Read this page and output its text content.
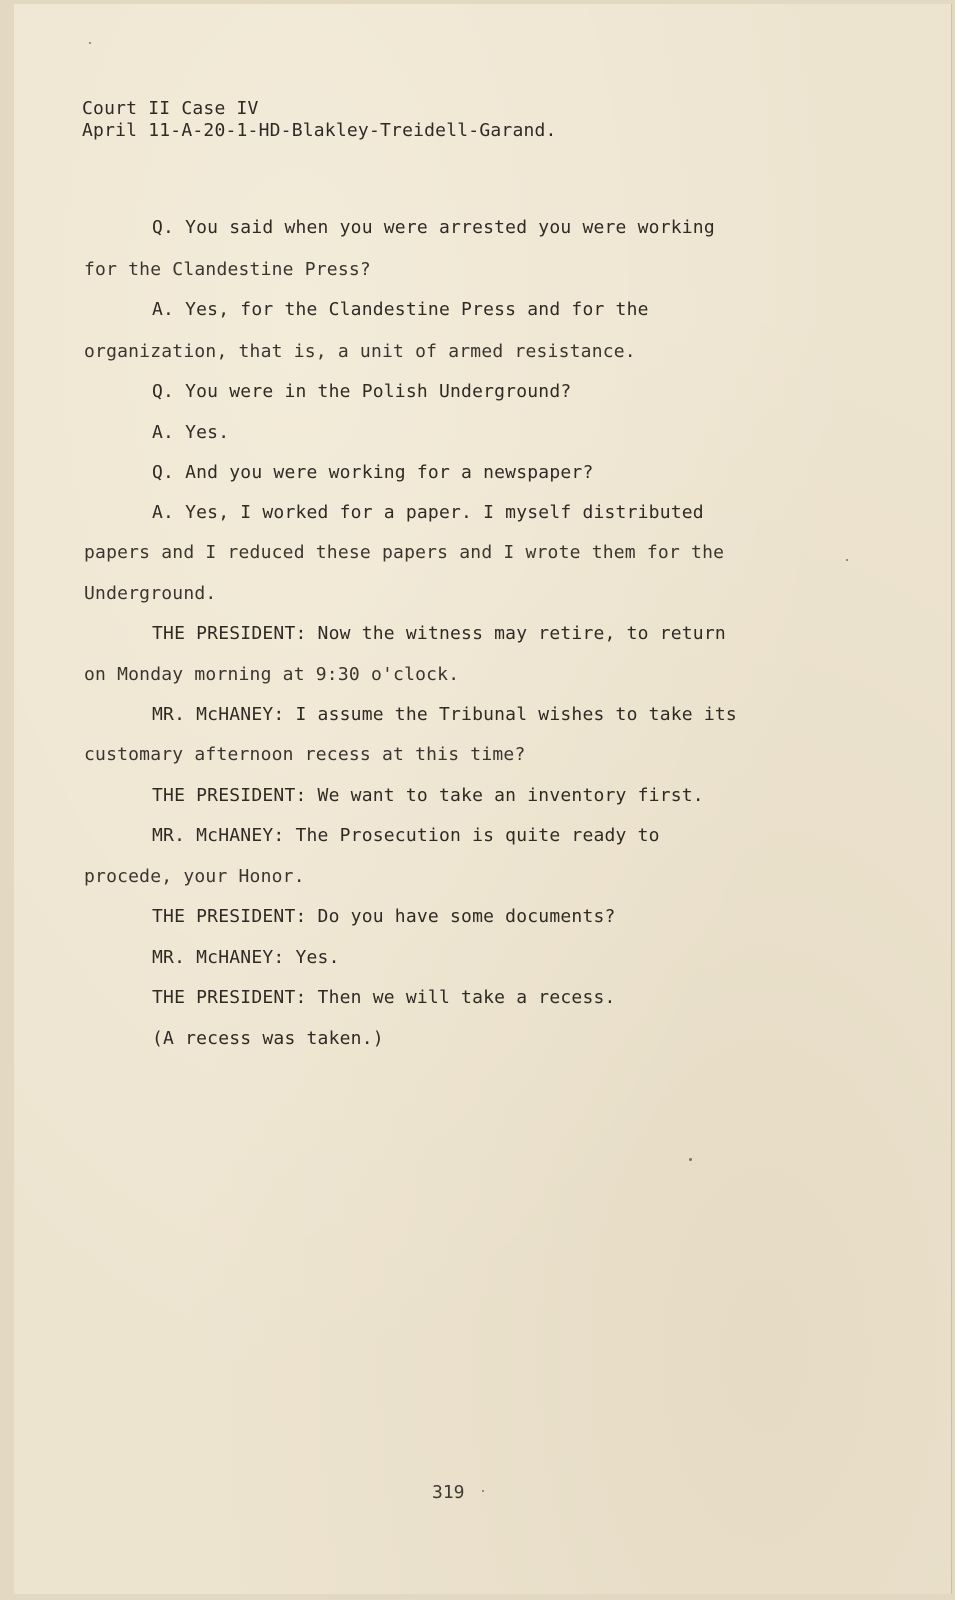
Court II Case IV

April 11-A-20-1-HD-Blakley-Treidell-Garand.

Q. You said when you were arrested you were working

for the Clandestine Press?

A. Yes, for the Clandestine Press and for the

organization, that is, a unit of armed resistance.

Q. You were in the Polish Underground?

A. Yes.

Q. And you were working for a newspaper?

A. Yes, I worked for a paper. I myself distributed

papers and I reduced these papers and I wrote them for the

Underground.

THE PRESIDENT: Now the witness may retire, to return

on Monday morning at 9:30 o'clock.

MR. McHANEY: I assume the Tribunal wishes to take its

customary afternoon recess at this time?

THE PRESIDENT: We want to take an inventory first.

MR. McHANEY: The Prosecution is quite ready to

procede, your Honor.

THE PRESIDENT: Do you have some documents?

MR. McHANEY: Yes.

THE PRESIDENT: Then we will take a recess.

(A recess was taken.)

319
